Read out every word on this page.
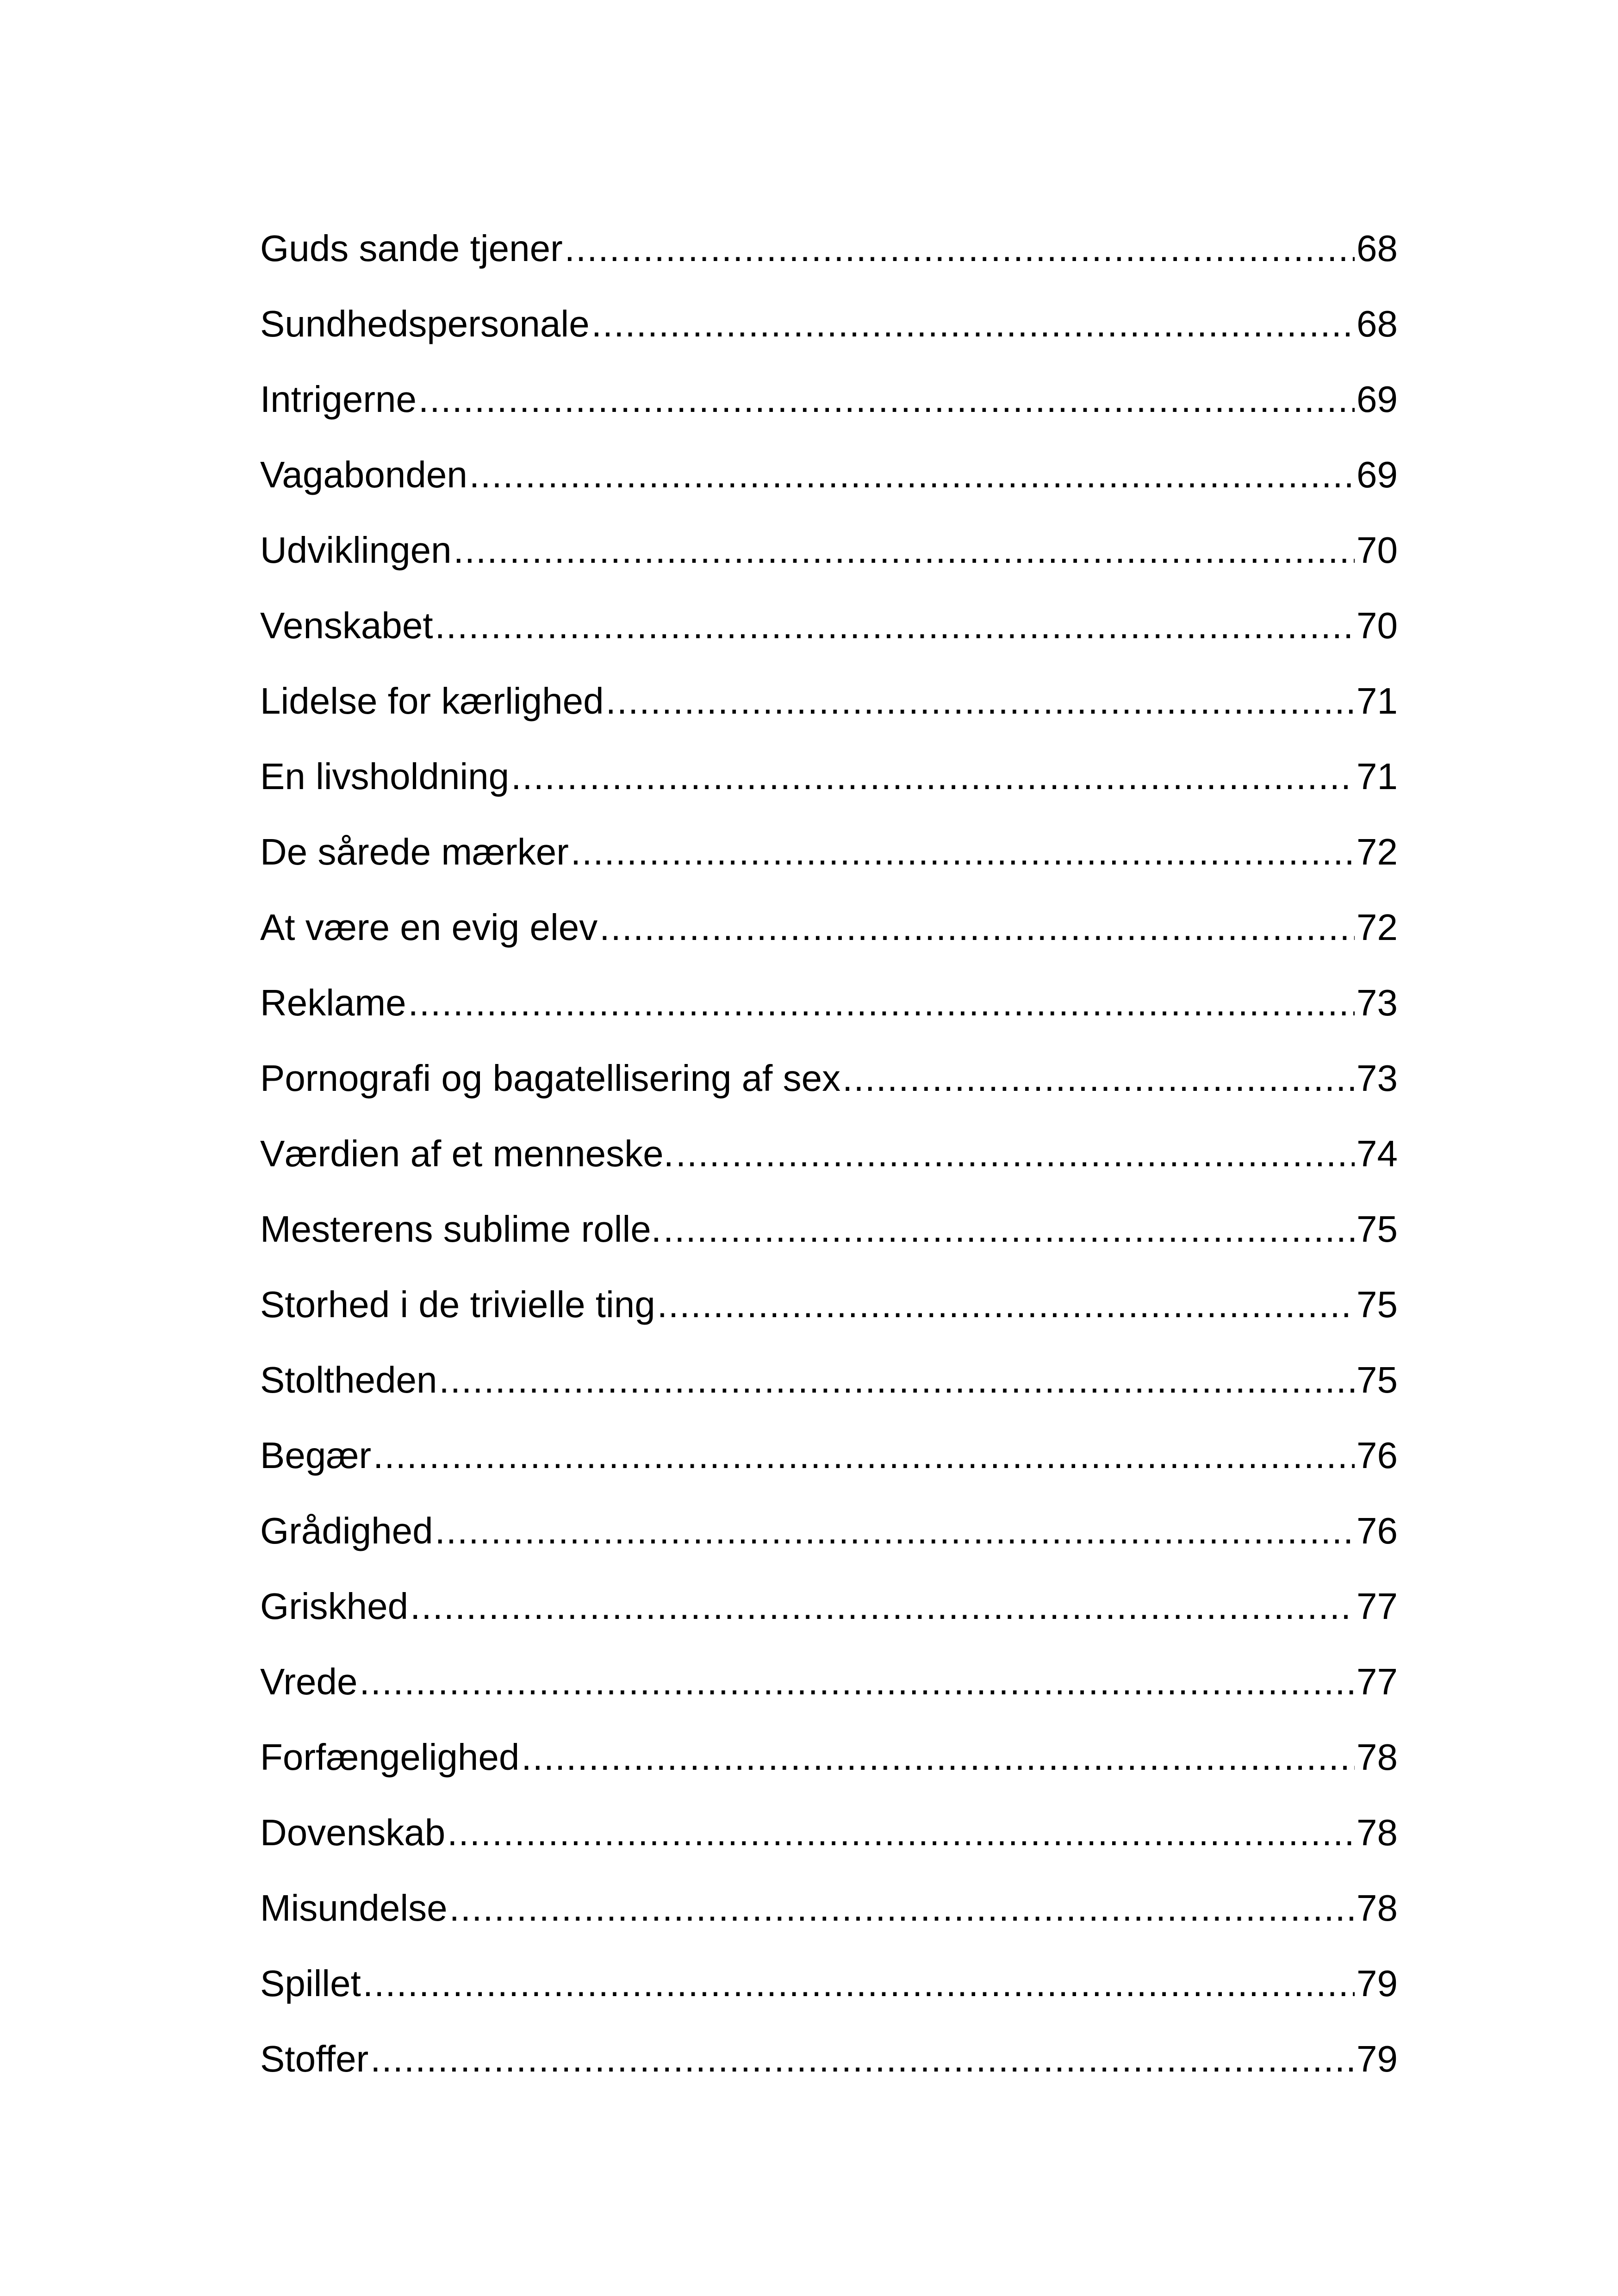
Guds sande tjener .....	68
Sundhedspersonale .....	68
Intrigerne .....	69
Vagabonden .....	69
Udviklingen .....	70
Venskabet .....	70
Lidelse for kærlighed .....	71
En livsholdning .....	71
De sårede mærker .....	72
At være en evig elev .....	72
Reklame .....	73
Pornografi og bagatellisering af sex .....	73
Værdien af et menneske. .....	74
Mesterens sublime rolle. .....	75
Storhed i de trivielle ting .....	75
Stoltheden .....	75
Begær .....	76
Grådighed .....	76
Griskhed .....	77
Vrede .....	77
Forfængelighed .....	78
Dovenskab .....	78
Misundelse .....	78
Spillet .....	79
Stoffer .....	79
